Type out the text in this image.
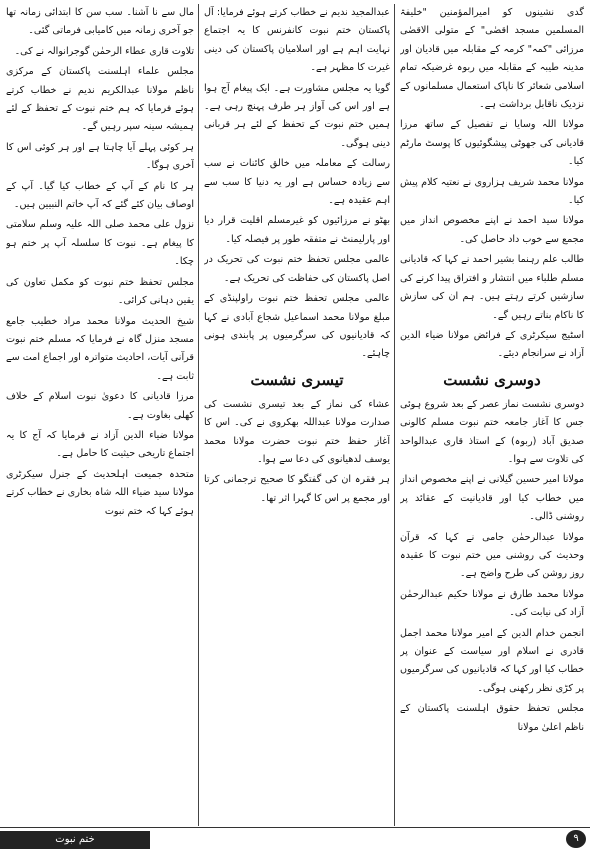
گدی نشینوں کو امیرالمؤمنین "خلیفۃ المسلمین مسجد اقصٰی" کے متولی الاقصٰی مرزائی "کمہ" کرمہ کے مقابلہ میں قادیان اور مدینہ طیبہ کے مقابلہ میں ربوہ غرضیکہ تمام اسلامی شعائر کا ناپاک استعمال مسلمانوں کے نزدیک ناقابل برداشت ہے۔

مولانا اللہ وسایا نے تفصیل کے ساتھ مرزا قادیانی کی جھوٹی پیشگوئیوں کا پوسٹ مارٹم کیا۔

مولانا محمد شریف ہزاروی نے نعتیہ کلام پیش کیا۔

مولانا سید احمد نے اپنے مخصوص انداز میں مجمع سے خوب داد حاصل کی۔

طالب علم رہنما بشیر احمد نے کہا کہ قادیانی مسلم طلباء میں انتشار و افتراق پیدا کرنے کی سازشیں کرتے رہتے ہیں۔ ہم ان کی سازش کا ناکام بناتے رہیں گے۔

اسٹیج سیکرٹری کے فرائض مولانا ضیاء الدین آزاد نے سرانجام دیئے۔

دوسری نشست

دوسری نشست نماز عصر کے بعد شروع ہوئی جس کا آغاز جامعہ ختم نبوت مسلم کالونی صدیق آباد (ربوہ) کے استاذ قاری عبدالواحد کی تلاوت سے ہوا۔

مولانا امیر حسین گیلانی نے اپنے مخصوص انداز میں خطاب کیا اور قادیانیت کے عقائد پر روشنی ڈالی۔

مولانا عبدالرحمٰن جامی نے کہا کہ قرآن وحدیث کی روشنی میں ختم نبوت کا عقیدہ روز روشن کی طرح واضح ہے۔

مولانا محمد طارق نے مولانا حکیم عبدالرحمٰن آزاد کی نیابت کی۔

انجمن خدام الدین کے امیر مولانا محمد اجمل قادری نے اسلام اور سیاست کے عنوان پر خطاب کیا اور کہا کہ قادیانیوں کی سرگرمیوں پر کڑی نظر رکھنی ہوگی۔

مجلس تحفظ حقوق اہلسنت پاکستان کے ناظم اعلیٰ مولانا

عبدالمجید ندیم نے خطاب کرتے ہوئے فرمایا: آل پاکستان ختم نبوت کانفرنس کا یہ اجتماع نہایت اہم ہے اور اسلامیان پاکستان کی دینی غیرت کا مظہر ہے۔

گویا یہ مجلس مشاورت ہے۔ ایک پیغام آج ہوا ہے اور اس کی آواز ہر طرف پہنچ رہی ہے۔ ہمیں ختم نبوت کے تحفظ کے لئے ہر قربانی دینی ہوگی۔

رسالت کے معاملہ میں خالق کائنات نے سب سے زیادہ حساس ہے اور یہ دنیا کا سب سے اہم عقیدہ ہے۔

بھٹو نے مرزائیوں کو غیرمسلم اقلیت قرار دیا اور پارلیمنٹ نے متفقہ طور پر فیصلہ کیا۔

عالمی مجلس تحفظ ختم نبوت کی تحریک در اصل پاکستان کی حفاظت کی تحریک ہے۔

عالمی مجلس تحفظ ختم نبوت راولپنڈی کے مبلغ مولانا محمد اسماعیل شجاع آبادی نے کہا کہ قادیانیوں کی سرگرمیوں پر پابندی ہونی چاہئے۔

تیسری نشست

عشاء کی نماز کے بعد تیسری نشست کی صدارت مولانا عبداللہ بھکروی نے کی۔ اس کا آغاز حفظ ختم نبوت حضرت مولانا محمد یوسف لدھیانوی کی دعا سے ہوا۔

ہر فقرہ ان کی گفتگو کا صحیح ترجمانی کرتا اور مجمع پر اس کا گہرا اثر تھا۔

مال سے نا آشنا۔ سب سن کا ابتدائی زمانہ تھا جو آخری زمانہ میں کامیابی فرماتی گئی۔

تلاوت قاری عطاء الرحمٰن گوجرانوالہ نے کی۔

مجلس علماء اہلسنت پاکستان کے مرکزی ناظم مولانا عبدالکریم ندیم نے خطاب کرتے ہوئے فرمایا کہ ہم ختم نبوت کے تحفظ کے لئے ہمیشہ سینہ سپر رہیں گے۔

ہر کوئی پہلے آیا چاہتا ہے اور ہر کوئی اس کا آخری ہوگا۔

ہر کا نام کے آپ کے خطاب کیا گیا۔ آپ کے اوصاف بیان کئے گئے کہ آپ خاتم النبیین ہیں۔

نزول علی محمد صلی اللہ علیہ وسلم سلامتی کا پیغام ہے۔ نبوت کا سلسلہ آپ پر ختم ہو چکا۔

مجلس تحفظ ختم نبوت کو مکمل تعاون کی یقین دہانی کرائی۔

شیخ الحدیث مولانا محمد مراد خطیب جامع مسجد منزل گاہ نے فرمایا کہ مسلم ختم نبوت قرآنی آیات، احادیث متواترہ اور اجماع امت سے ثابت ہے۔

مرزا قادیانی کا دعویٰ نبوت اسلام کے خلاف کھلی بغاوت ہے۔

مولانا ضیاء الدین آزاد نے فرمایا کہ آج کا یہ اجتماع تاریخی حیثیت کا حامل ہے۔

متحدہ جمیعت اہلحدیث کے جنرل سیکرٹری مولانا سید ضیاء اللہ شاہ بخاری نے خطاب کرتے ہوئے کہا کہ ختم نبوت

ختم نبوت	۹
